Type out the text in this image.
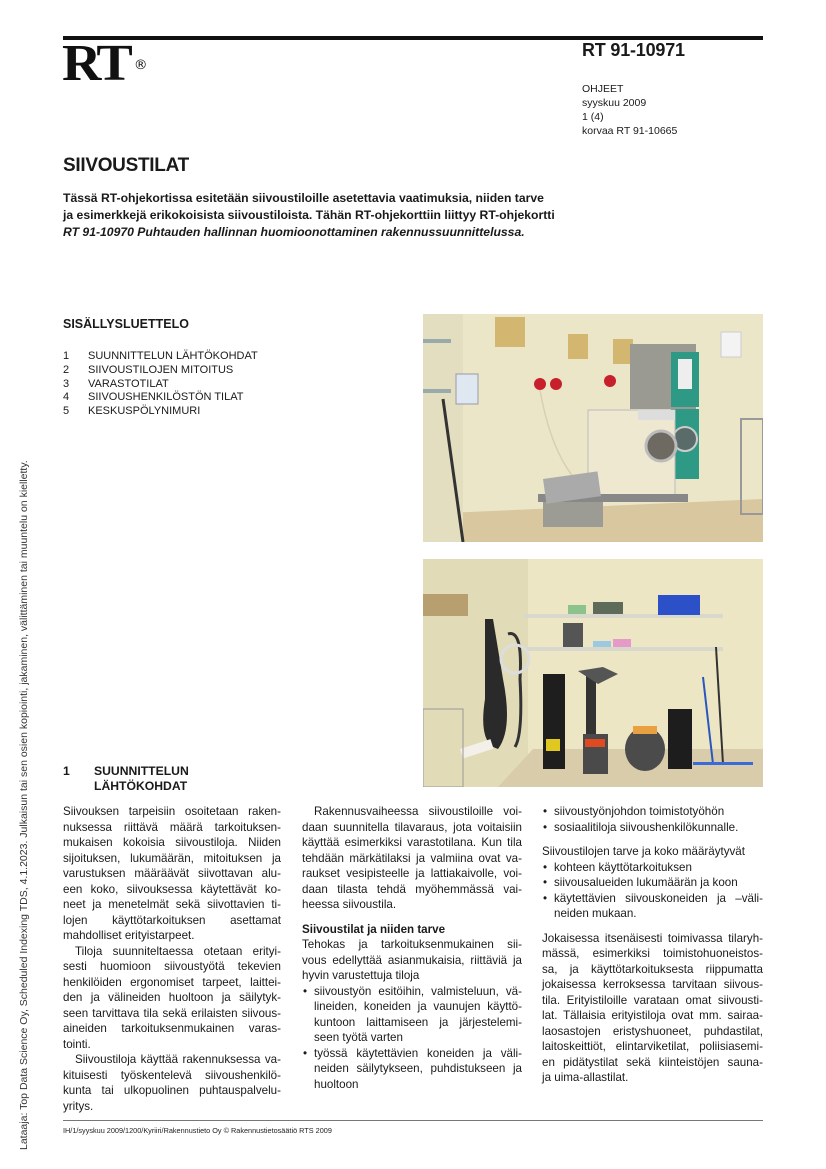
RT ®
RT 91-10971
OHJEET
syyskuu 2009
1 (4)
korvaa RT 91-10665
SIIVOUSTILAT
Tässä RT-ohjekortissa esitetään siivoustiloille asetettavia vaatimuksia, niiden tarve
ja esimerkkejä erikokoisista siivoustiloista. Tähän RT-ohjekorttiin liittyy RT-ohjekortti
RT 91-10970 Puhtauden hallinnan huomioonottaminen rakennussuunnittelussa.
SISÄLLYSLUETTELO
1	SUUNNITTELUN LÄHTÖKOHDAT
2	SIIVOUSTILOJEN MITOITUS
3	VARASTOTILAT
4	SIIVOUSHENKILÖSTÖN TILAT
5	KESKUSPÖLYNIMURI
1	SUUNNITTELUN
LÄHTÖKOHDAT
Siivouksen tarpeisiin osoitetaan raken-
nuksessa riittävä määrä tarkoituksen-
mukaisen kokoisia siivoustiloja. Niiden
sijoituksen, lukumäärän, mitoituksen ja
varustuksen määräävät siivottavan alu-
een koko, siivouksessa käytettävät ko-
neet ja menetelmät sekä siivottavien ti-
lojen käyttötarkoituksen asettamat
mahdolliset erityistarpeet.
Tiloja suunniteltaessa otetaan erityi-
sesti huomioon siivoustyötä tekevien
henkilöiden ergonomiset tarpeet, laittei-
den ja välineiden huoltoon ja säilytyk-
seen tarvittava tila sekä erilaisten siivous-
aineiden tarkoituksenmukainen varas-
tointi.
Siivoustiloja käyttää rakennuksessa va-
kituisesti työskentelevä siivoushenkilö-
kunta tai ulkopuolinen puhtauspalvelu-
yritys.
Rakennusvaiheessa siivoustiloille voi-
daan suunnitella tilavaraus, jota voitaisiin
käyttää esimerkiksi varastotilana. Kun tila
tehdään märkätilaksi ja valmiina ovat va-
raukset vesipisteelle ja lattiakaivolle, voi-
daan tilasta tehdä myöhemmässä vai-
heessa siivoustila.
Siivoustilat ja niiden tarve
Tehokas ja tarkoituksenmukainen sii-
vous edellyttää asianmukaisia, riittäviä ja
hyvin varustettuja tiloja
• siivoustyön esitöihin, valmisteluun, vä-
lineiden, koneiden ja vaunujen käyttö-
kuntoon laittamiseen ja järjestelemi-
seen työtä varten
• työssä käytettävien koneiden ja väli-
neiden säilytykseen, puhdistukseen ja
huoltoon
• siivoustyönjohdon toimistotyöhön
• sosiaalitiloja siivoushenkilökunnalle.
Siivoustilojen tarve ja koko määräytyvät
• kohteen käyttötarkoituksen
• siivousalueiden lukumäärän ja koon
• käytettävien siivouskoneiden ja –väli-
neiden mukaan.
Jokaisessa itsenäisesti toimivassa tilaryh-
mässä, esimerkiksi toimistohuoneistos-
sa, ja käyttötarkoituksesta riippumatta
jokaisessa kerroksessa tarvitaan siivous-
tila. Erityistiloille varataan omat siivousti-
lat. Tällaisia erityistiloja ovat mm. sairaa-
laosastojen eristyshuoneet, puhdastilat,
laitoskeittiöt, elintarviketilat, poliisiasemi-
en pidätystilat sekä kiinteistöjen sauna-
ja uima-allastilat.
IH/1/syyskuu 2009/1200/Kyriiri/Rakennustieto Oy © Rakennustietosäätiö RTS 2009
Lataaja: Top Data Science Oy, Scheduled Indexing TDS, 4.1.2023. Julkaisun tai sen osien kopiointi, jakaminen, välittäminen tai muuntelu on kielletty.
